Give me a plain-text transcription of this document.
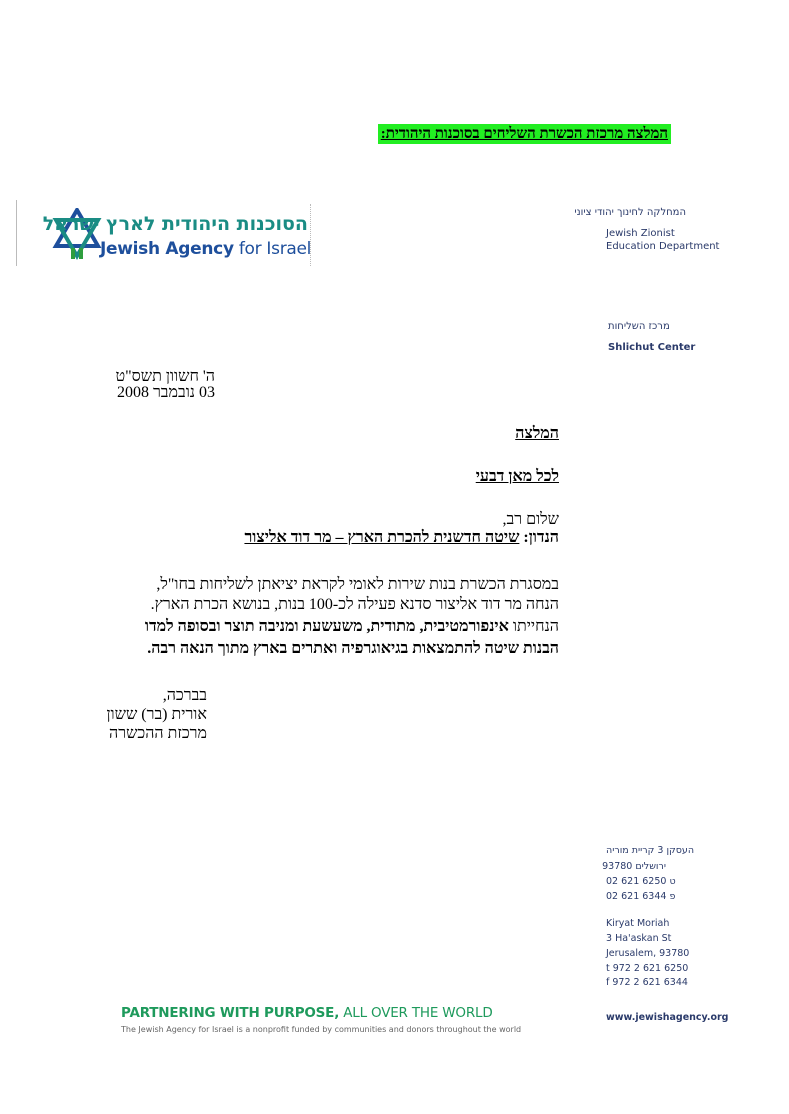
המלצה מרכזת הכשרת השליחים בסוכנות היהודית:
הסוכנות היהודית לארץ ישראל
Jewish Agency for Israel
המחלקה לחינוך יהודי ציוני
Jewish Zionist
Education Department
מרכז השליחות
Shlichut Center
ה' חשוון תשס"ט
03 נובמבר 2008
המלצה
לכל מאן דבעי
שלום רב,
הנדון: שיטה חדשנית להכרת הארץ – מר דוד אליצור
במסגרת הכשרת בנות שירות לאומי לקראת יציאתן לשליחות בחו"ל,
הנחה מר דוד אליצור סדנא פעילה לכ-100 בנות, בנושא הכרת הארץ.
הנחייתו אינפורמטיבית, מתודית, משעשעת ומניבה תוצר ובסופה למדו
הבנות שיטה להתמצאות בגיאוגרפיה ואתרים בארץ מתוך הנאה רבה.
בברכה,
אורית (בר) ששון
מרכזת ההכשרה
העסקן 3 קריית מוריה
ירושלים 93780
02 621 6250 ט
02 621 6344 פ
Kiryat Moriah
3 Ha'askan St
Jerusalem, 93780
t 972 2 621 6250
f 972 2 621 6344
www.jewishagency.org
PARTNERING WITH PURPOSE, ALL OVER THE WORLD
The Jewish Agency for Israel is a nonprofit funded by communities and donors throughout the world
